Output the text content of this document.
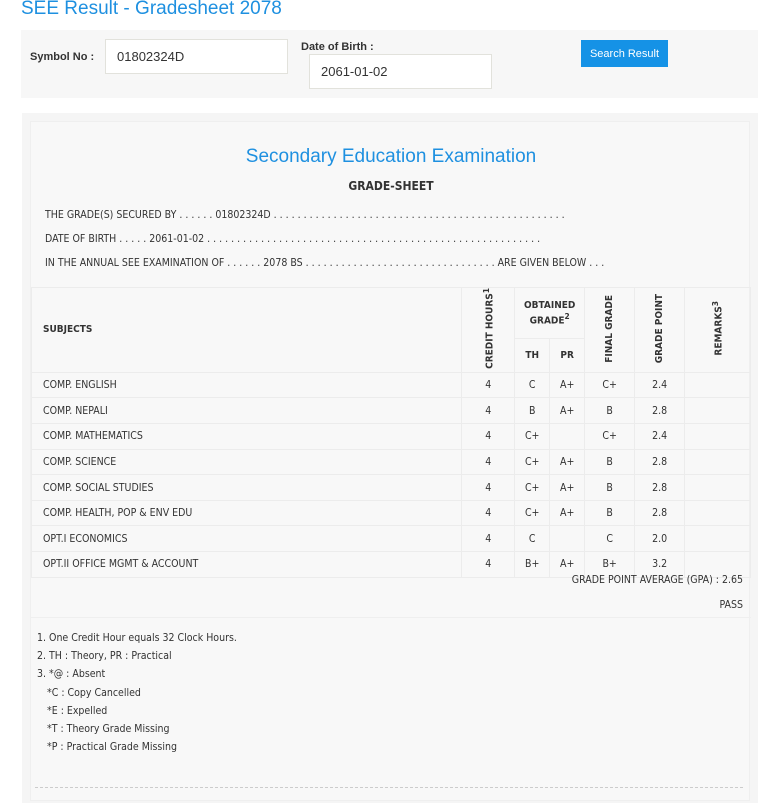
SEE Result - Gradesheet 2078
Symbol No :	01802324D
Date of Birth :
2061-01-02
Search Result
Secondary Education Examination
GRADE-SHEET
THE GRADE(S) SECURED BY . . . . . . 01802324D . . . . . . . . . . . . . . . . . . . . . . . . . . . . . . . . . . . . . . . . . . . . . . . . .
DATE OF BIRTH . . . . . 2061-01-02 . . . . . . . . . . . . . . . . . . . . . . . . . . . . . . . . . . . . . . . . . . . . . . . . . . . . . . . .
IN THE ANNUAL SEE EXAMINATION OF . . . . . . 2078 BS . . . . . . . . . . . . . . . . . . . . . . . . . . . . . . . . ARE GIVEN BELOW . . .
SUBJECTS	CREDIT HOURS$^1$	OBTAINED GRADE$^2$		FINAL GRADE	GRADE POINT	REMARKS$^3$
		TH	PR			
COMP. ENGLISH	4	C	A+	C+	2.4	
COMP. NEPALI	4	B	A+	B	2.8	
COMP. MATHEMATICS	4	C+		C+	2.4	
COMP. SCIENCE	4	C+	A+	B	2.8	
COMP. SOCIAL STUDIES	4	C+	A+	B	2.8	
COMP. HEALTH, POP & ENV EDU	4	C+	A+	B	2.8	
OPT.I ECONOMICS	4	C		C	2.0	
OPT.II OFFICE MGMT & ACCOUNT	4	B+	A+	B+	3.2	
GRADE POINT AVERAGE (GPA) : 2.65
PASS
1. One Credit Hour equals 32 Clock Hours.
2. TH : Theory, PR : Practical
3. *@ : Absent
*C : Copy Cancelled
*E : Expelled
*T : Theory Grade Missing
*P : Practical Grade Missing
